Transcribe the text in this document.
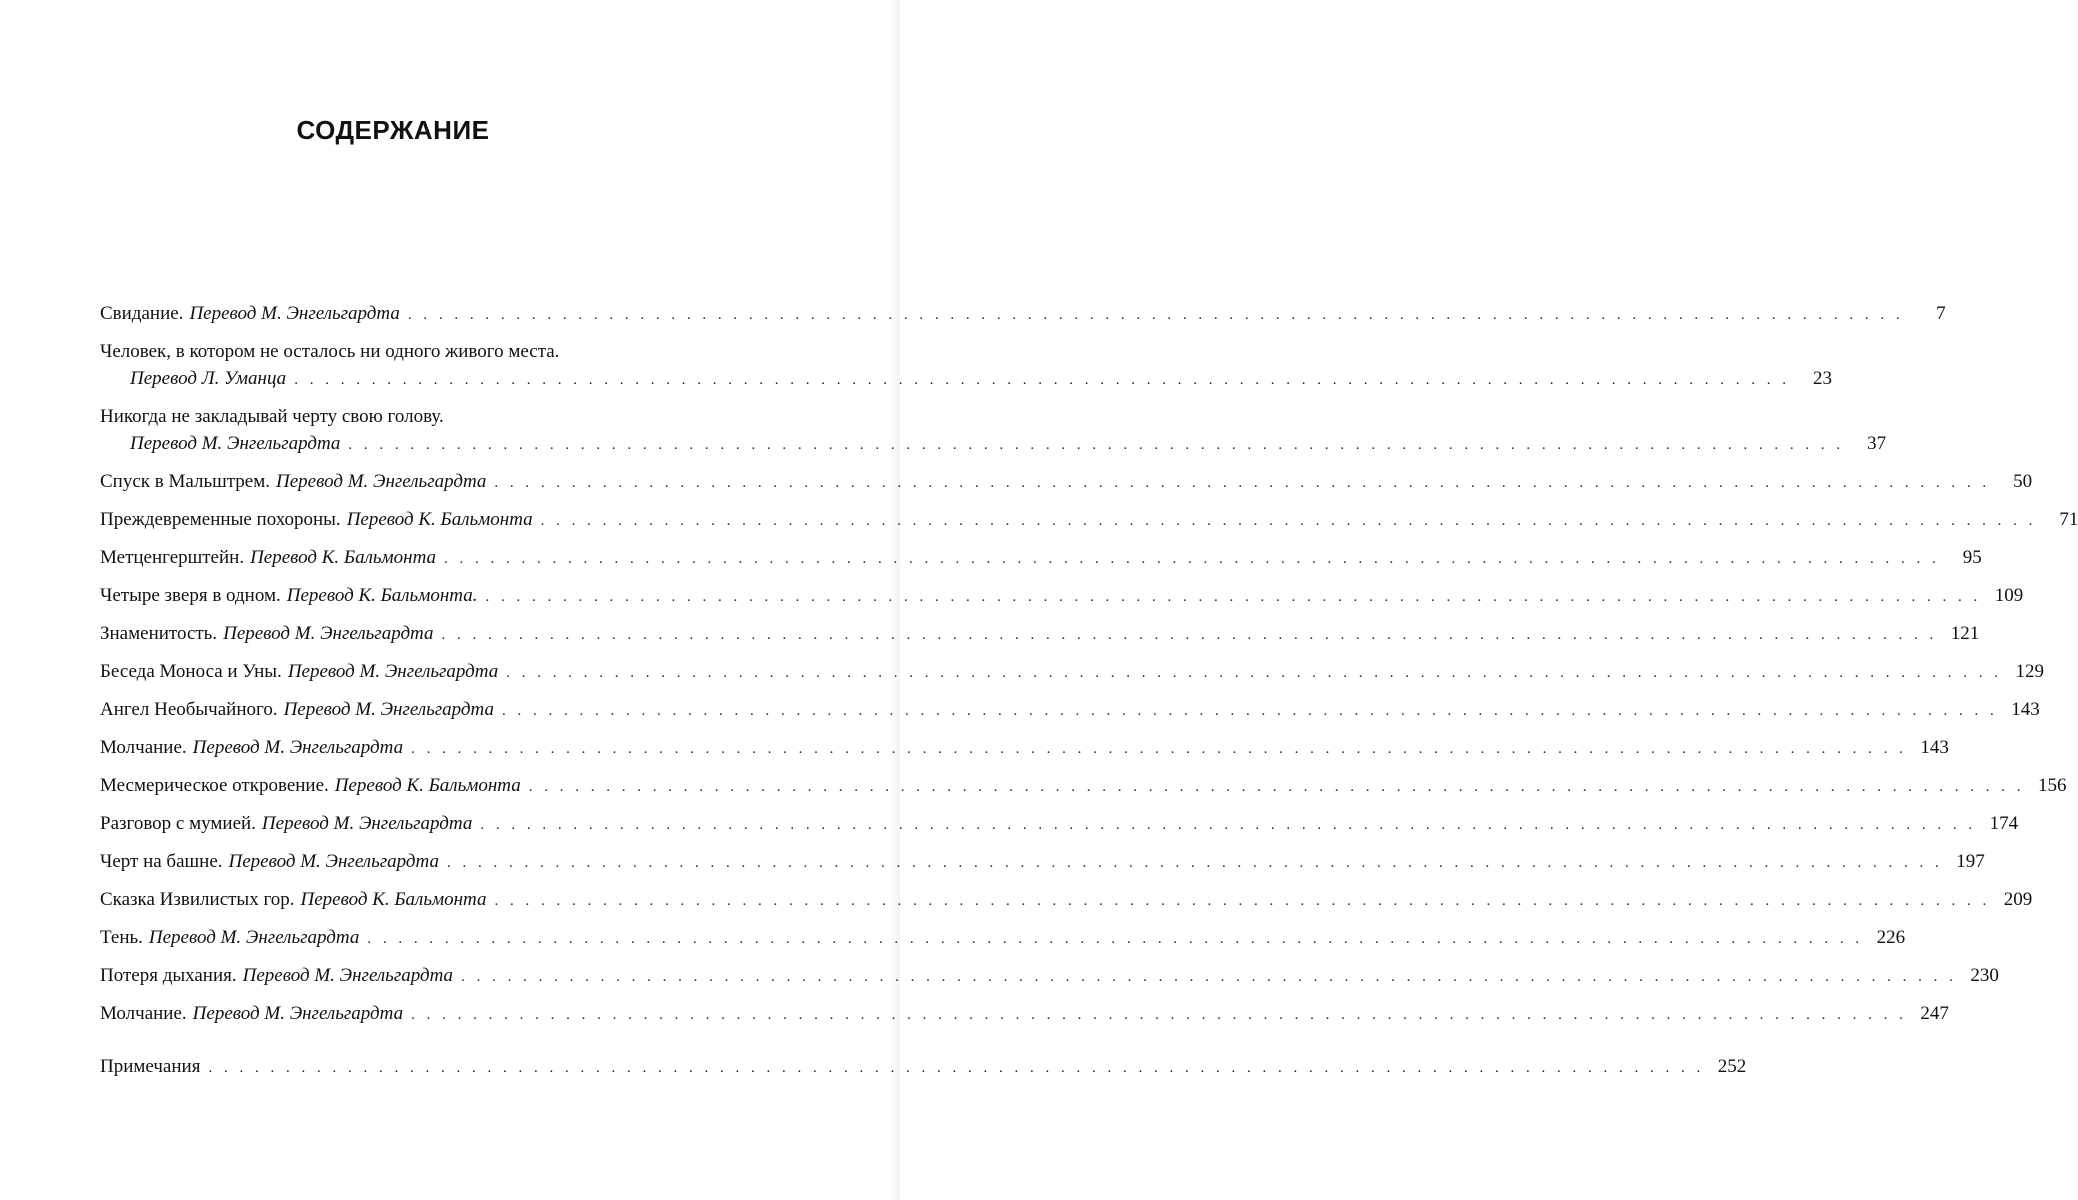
СОДЕРЖАНИЕ
Свидание. Перевод М. Энгельгардта . . . . . . . . . . . . . . . . . . . . . . . . . . . . . . . . . . . . . . . . . . . . . . . . . . . . . . . . . . . . . . . . . . . . . . . . . . . . . . . . . . . . . . . . . . . . . . . . .	7
Человек, в котором не осталось ни одного живого места.
Перевод Л. Уманца . . . . . . . . . . . . . . . . . . . . . . . . . . . . . . . . . . . . . . . . . . . . . . . . . . . . . . . . . . . . . . . . . . . . . . . . . . . . . . . . . . . . . . . . . . . . . . . . .	23
Никогда не закладывай черту свою голову.
Перевод М. Энгельгардта . . . . . . . . . . . . . . . . . . . . . . . . . . . . . . . . . . . . . . . . . . . . . . . . . . . . . . . . . . . . . . . . . . . . . . . . . . . . . . . . . . . . . . . . . . . . . . . . .	37
Спуск в Мальштрем. Перевод М. Энгельгардта . . . . . . . . . . . . . . . . . . . . . . . . . . . . . . . . . . . . . . . . . . . . . . . . . . . . . . . . . . . . . . . . . . . . . . . . . . . . . . . . . . . . . . . . . . . . . . . . .	50
Преждевременные похороны. Перевод К. Бальмонта . . . . . . . . . . . . . . . . . . . . . . . . . . . . . . . . . . . . . . . . . . . . . . . . . . . . . . . . . . . . . . . . . . . . . . . . . . . . . . . . . . . . . . . . . . . . . . . . .	71
Метценгерштейн. Перевод К. Бальмонта . . . . . . . . . . . . . . . . . . . . . . . . . . . . . . . . . . . . . . . . . . . . . . . . . . . . . . . . . . . . . . . . . . . . . . . . . . . . . . . . . . . . . . . . . . . . . . . . .	95
Четыре зверя в одном. Перевод К. Бальмонта. . . . . . . . . . . . . . . . . . . . . . . . . . . . . . . . . . . . . . . . . . . . . . . . . . . . . . . . . . . . . . . . . . . . . . . . . . . . . . . . . . . . . . . . . . . . . . . . . . 109
Знаменитость. Перевод М. Энгельгардта . . . . . . . . . . . . . . . . . . . . . . . . . . . . . . . . . . . . . . . . . . . . . . . . . . . . . . . . . . . . . . . . . . . . . . . . . . . . . . . . . . . . . . . . . . . . . . . . . 121
Беседа Моноса и Уны. Перевод М. Энгельгардта . . . . . . . . . . . . . . . . . . . . . . . . . . . . . . . . . . . . . . . . . . . . . . . . . . . . . . . . . . . . . . . . . . . . . . . . . . . . . . . . . . . . . . . . . . . . . . . . . 129
Ангел Необычайного. Перевод М. Энгельгардта . . . . . . . . . . . . . . . . . . . . . . . . . . . . . . . . . . . . . . . . . . . . . . . . . . . . . . . . . . . . . . . . . . . . . . . . . . . . . . . . . . . . . . . . . . . . . . . . . 143
Молчание. Перевод М. Энгельгардта . . . . . . . . . . . . . . . . . . . . . . . . . . . . . . . . . . . . . . . . . . . . . . . . . . . . . . . . . . . . . . . . . . . . . . . . . . . . . . . . . . . . . . . . . . . . . . . . . 143
Месмерическое откровение. Перевод К. Бальмонта . . . . . . . . . . . . . . . . . . . . . . . . . . . . . . . . . . . . . . . . . . . . . . . . . . . . . . . . . . . . . . . . . . . . . . . . . . . . . . . . . . . . . . . . . . . . . . . . . 156
Разговор с мумией. Перевод М. Энгельгардта . . . . . . . . . . . . . . . . . . . . . . . . . . . . . . . . . . . . . . . . . . . . . . . . . . . . . . . . . . . . . . . . . . . . . . . . . . . . . . . . . . . . . . . . . . . . . . . . . 174
Черт на башне. Перевод М. Энгельгардта . . . . . . . . . . . . . . . . . . . . . . . . . . . . . . . . . . . . . . . . . . . . . . . . . . . . . . . . . . . . . . . . . . . . . . . . . . . . . . . . . . . . . . . . . . . . . . . . . 197
Сказка Извилистых гор. Перевод К. Бальмонта . . . . . . . . . . . . . . . . . . . . . . . . . . . . . . . . . . . . . . . . . . . . . . . . . . . . . . . . . . . . . . . . . . . . . . . . . . . . . . . . . . . . . . . . . . . . . . . . . 209
Тень. Перевод М. Энгельгардта . . . . . . . . . . . . . . . . . . . . . . . . . . . . . . . . . . . . . . . . . . . . . . . . . . . . . . . . . . . . . . . . . . . . . . . . . . . . . . . . . . . . . . . . . . . . . . . . . 226
Потеря дыхания. Перевод М. Энгельгардта . . . . . . . . . . . . . . . . . . . . . . . . . . . . . . . . . . . . . . . . . . . . . . . . . . . . . . . . . . . . . . . . . . . . . . . . . . . . . . . . . . . . . . . . . . . . . . . . . 230
Молчание. Перевод М. Энгельгардта . . . . . . . . . . . . . . . . . . . . . . . . . . . . . . . . . . . . . . . . . . . . . . . . . . . . . . . . . . . . . . . . . . . . . . . . . . . . . . . . . . . . . . . . . . . . . . . . . 247
Примечания . . . . . . . . . . . . . . . . . . . . . . . . . . . . . . . . . . . . . . . . . . . . . . . . . . . . . . . . . . . . . . . . . . . . . . . . . . . . . . . . . . . . . . . . . . . . . . . . . 252
